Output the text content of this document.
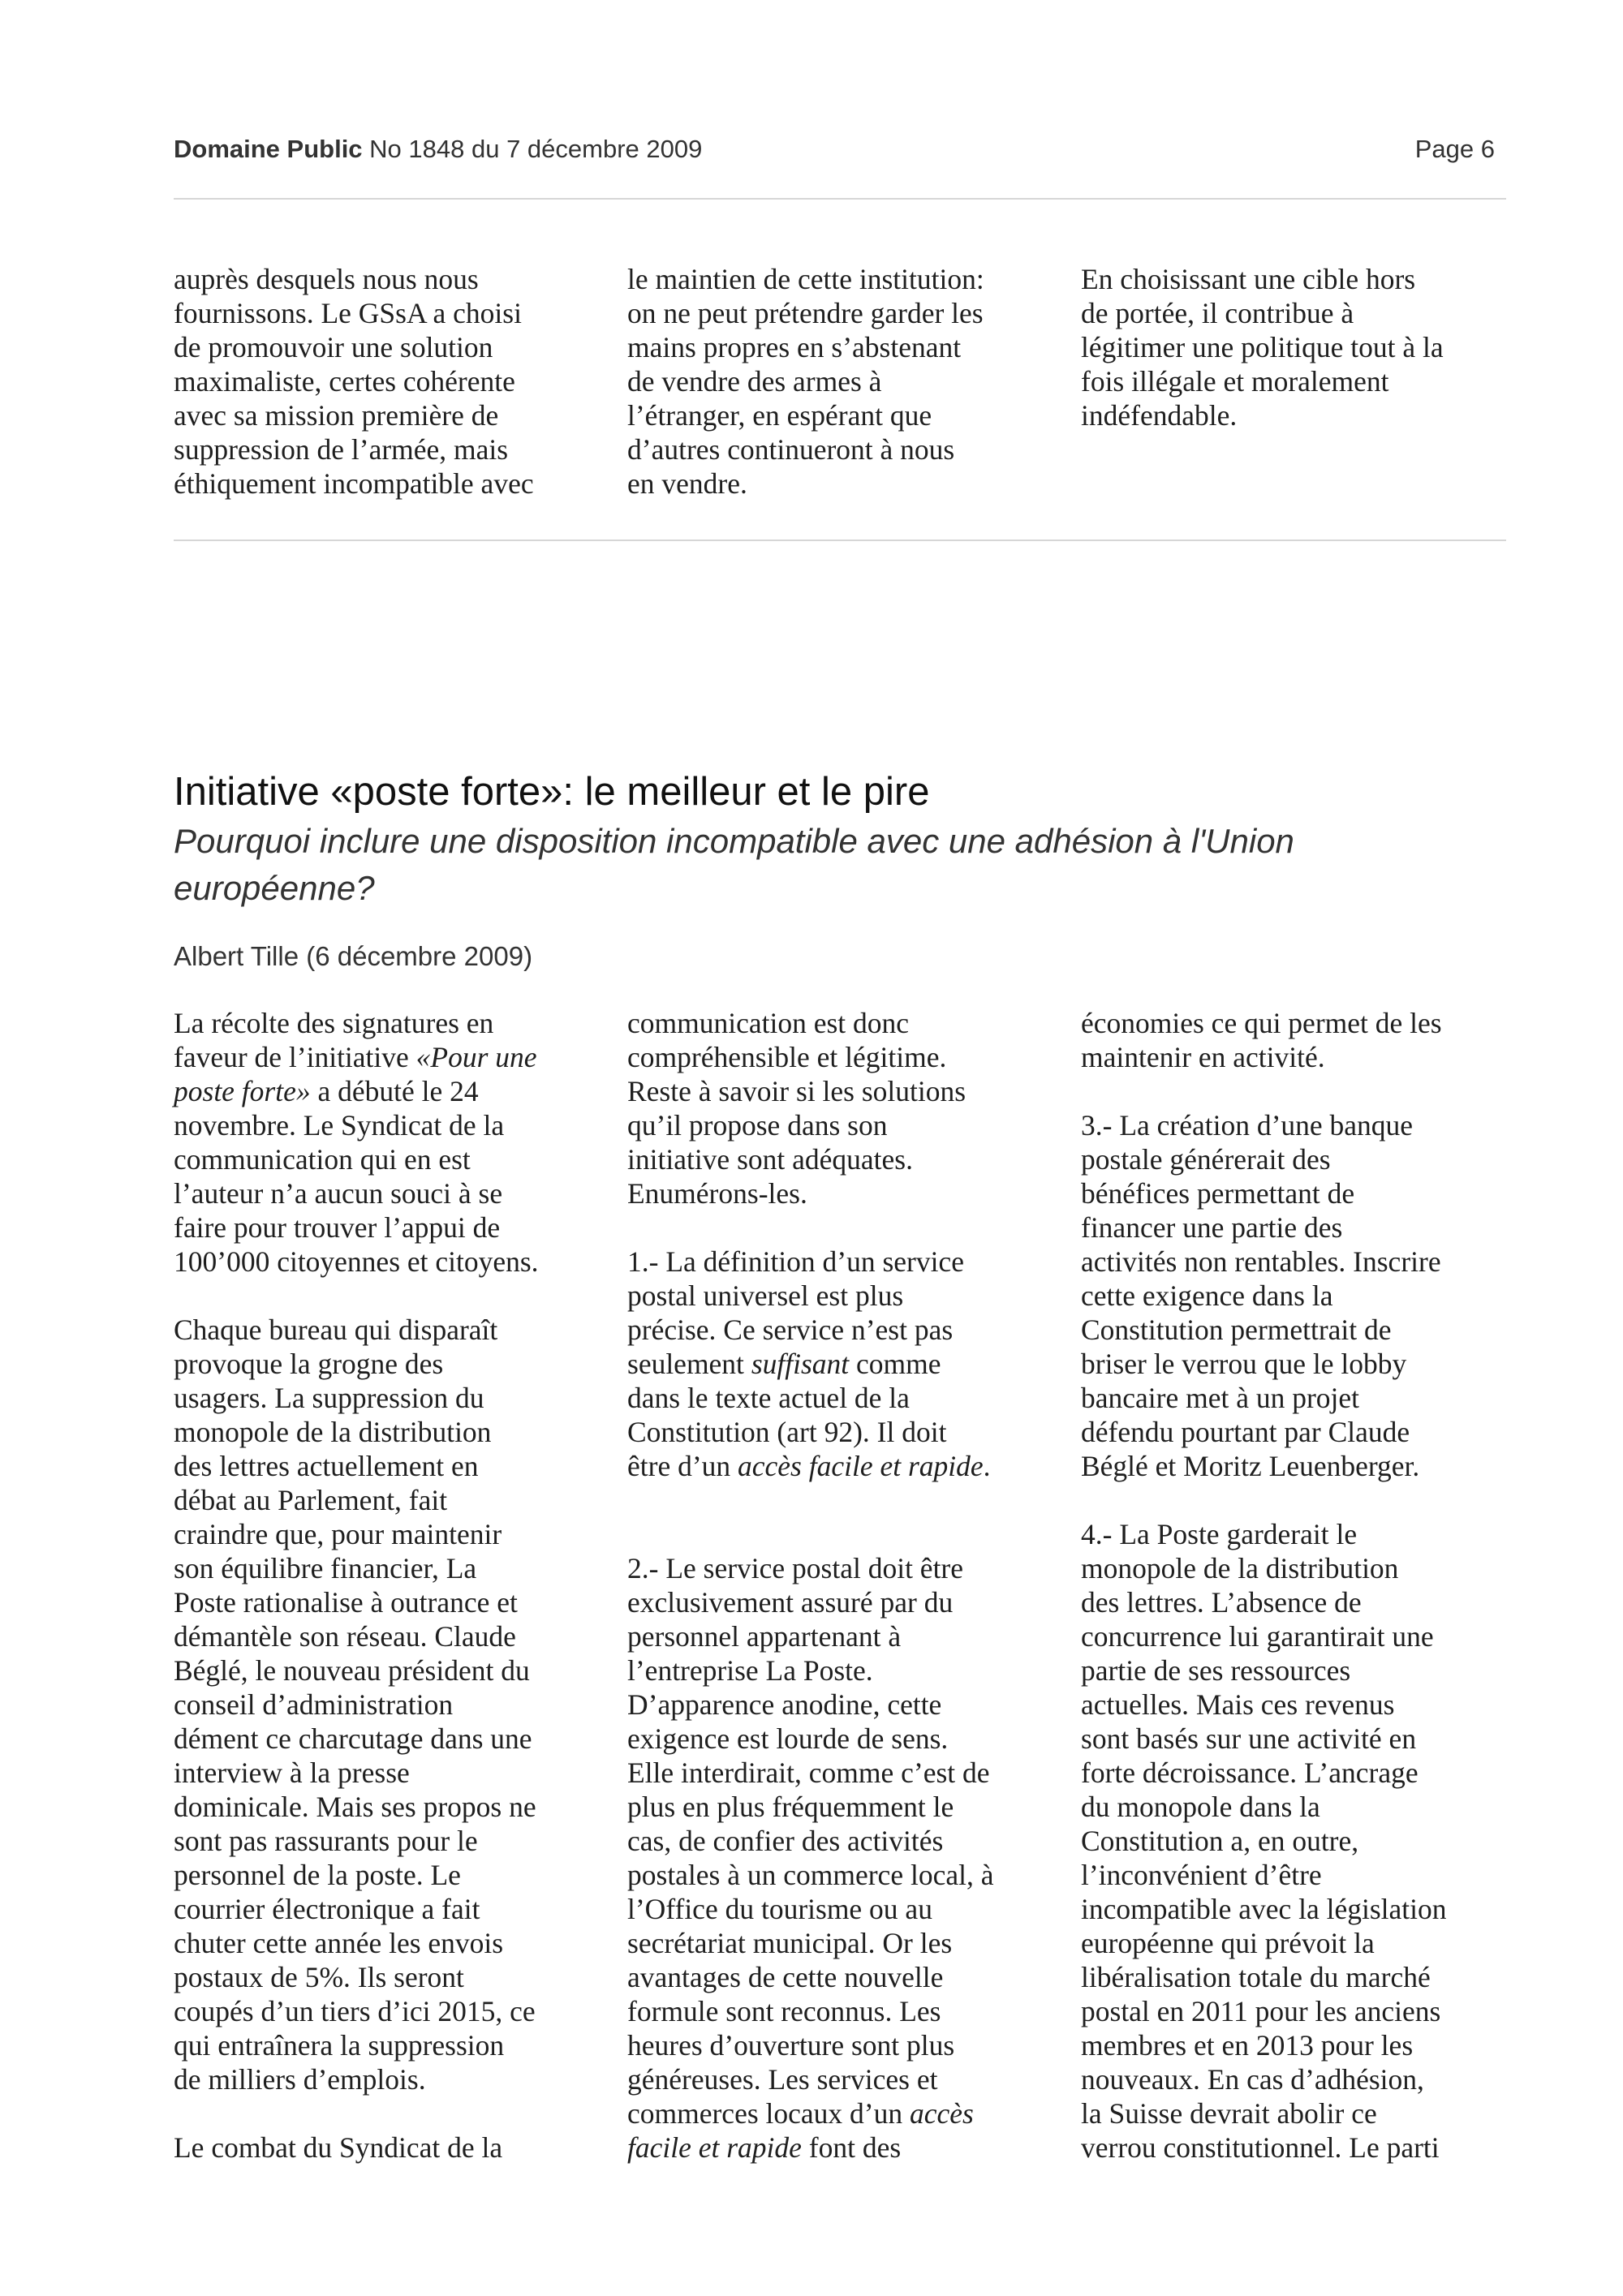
Domaine Public No 1848 du 7 décembre 2009	Page 6

auprès desquels nous nous
fournissons. Le GSsA a choisi
de promouvoir une solution
maximaliste, certes cohérente
avec sa mission première de
suppression de l’armée, mais
éthiquement incompatible avec

le maintien de cette institution:
on ne peut prétendre garder les
mains propres en s’abstenant
de vendre des armes à
l’étranger, en espérant que
d’autres continueront à nous
en vendre.

En choisissant une cible hors
de portée, il contribue à
légitimer une politique tout à la
fois illégale et moralement
indéfendable.

Initiative «poste forte»: le meilleur et le pire
Pourquoi inclure une disposition incompatible avec une adhésion à l'Union
européenne?
Albert Tille (6 décembre 2009)

La récolte des signatures en
faveur de l’initiative «Pour une
poste forte» a débuté le 24
novembre. Le Syndicat de la
communication qui en est
l’auteur n’a aucun souci à se
faire pour trouver l’appui de
100’000 citoyennes et citoyens.

Chaque bureau qui disparaît
provoque la grogne des
usagers. La suppression du
monopole de la distribution
des lettres actuellement en
débat au Parlement, fait
craindre que, pour maintenir
son équilibre financier, La
Poste rationalise à outrance et
démantèle son réseau. Claude
Béglé, le nouveau président du
conseil d’administration
dément ce charcutage dans une
interview à la presse
dominicale. Mais ses propos ne
sont pas rassurants pour le
personnel de la poste. Le
courrier électronique a fait
chuter cette année les envois
postaux de 5%. Ils seront
coupés d’un tiers d’ici 2015, ce
qui entraînera la suppression
de milliers d’emplois.

Le combat du Syndicat de la

communication est donc
compréhensible et légitime.
Reste à savoir si les solutions
qu’il propose dans son
initiative sont adéquates.
Enumérons-les.

1.- La définition d’un service
postal universel est plus
précise. Ce service n’est pas
seulement suffisant comme
dans le texte actuel de la
Constitution (art 92). Il doit
être d’un accès facile et rapide.

2.- Le service postal doit être
exclusivement assuré par du
personnel appartenant à
l’entreprise La Poste.
D’apparence anodine, cette
exigence est lourde de sens.
Elle interdirait, comme c’est de
plus en plus fréquemment le
cas, de confier des activités
postales à un commerce local, à
l’Office du tourisme ou au
secrétariat municipal. Or les
avantages de cette nouvelle
formule sont reconnus. Les
heures d’ouverture sont plus
généreuses. Les services et
commerces locaux d’un accès
facile et rapide font des

économies ce qui permet de les
maintenir en activité.

3.- La création d’une banque
postale générerait des
bénéfices permettant de
financer une partie des
activités non rentables. Inscrire
cette exigence dans la
Constitution permettrait de
briser le verrou que le lobby
bancaire met à un projet
défendu pourtant par Claude
Béglé et Moritz Leuenberger.

4.- La Poste garderait le
monopole de la distribution
des lettres. L’absence de
concurrence lui garantirait une
partie de ses ressources
actuelles. Mais ces revenus
sont basés sur une activité en
forte décroissance. L’ancrage
du monopole dans la
Constitution a, en outre,
l’inconvénient d’être
incompatible avec la législation
européenne qui prévoit la
libéralisation totale du marché
postal en 2011 pour les anciens
membres et en 2013 pour les
nouveaux. En cas d’adhésion,
la Suisse devrait abolir ce
verrou constitutionnel. Le parti
